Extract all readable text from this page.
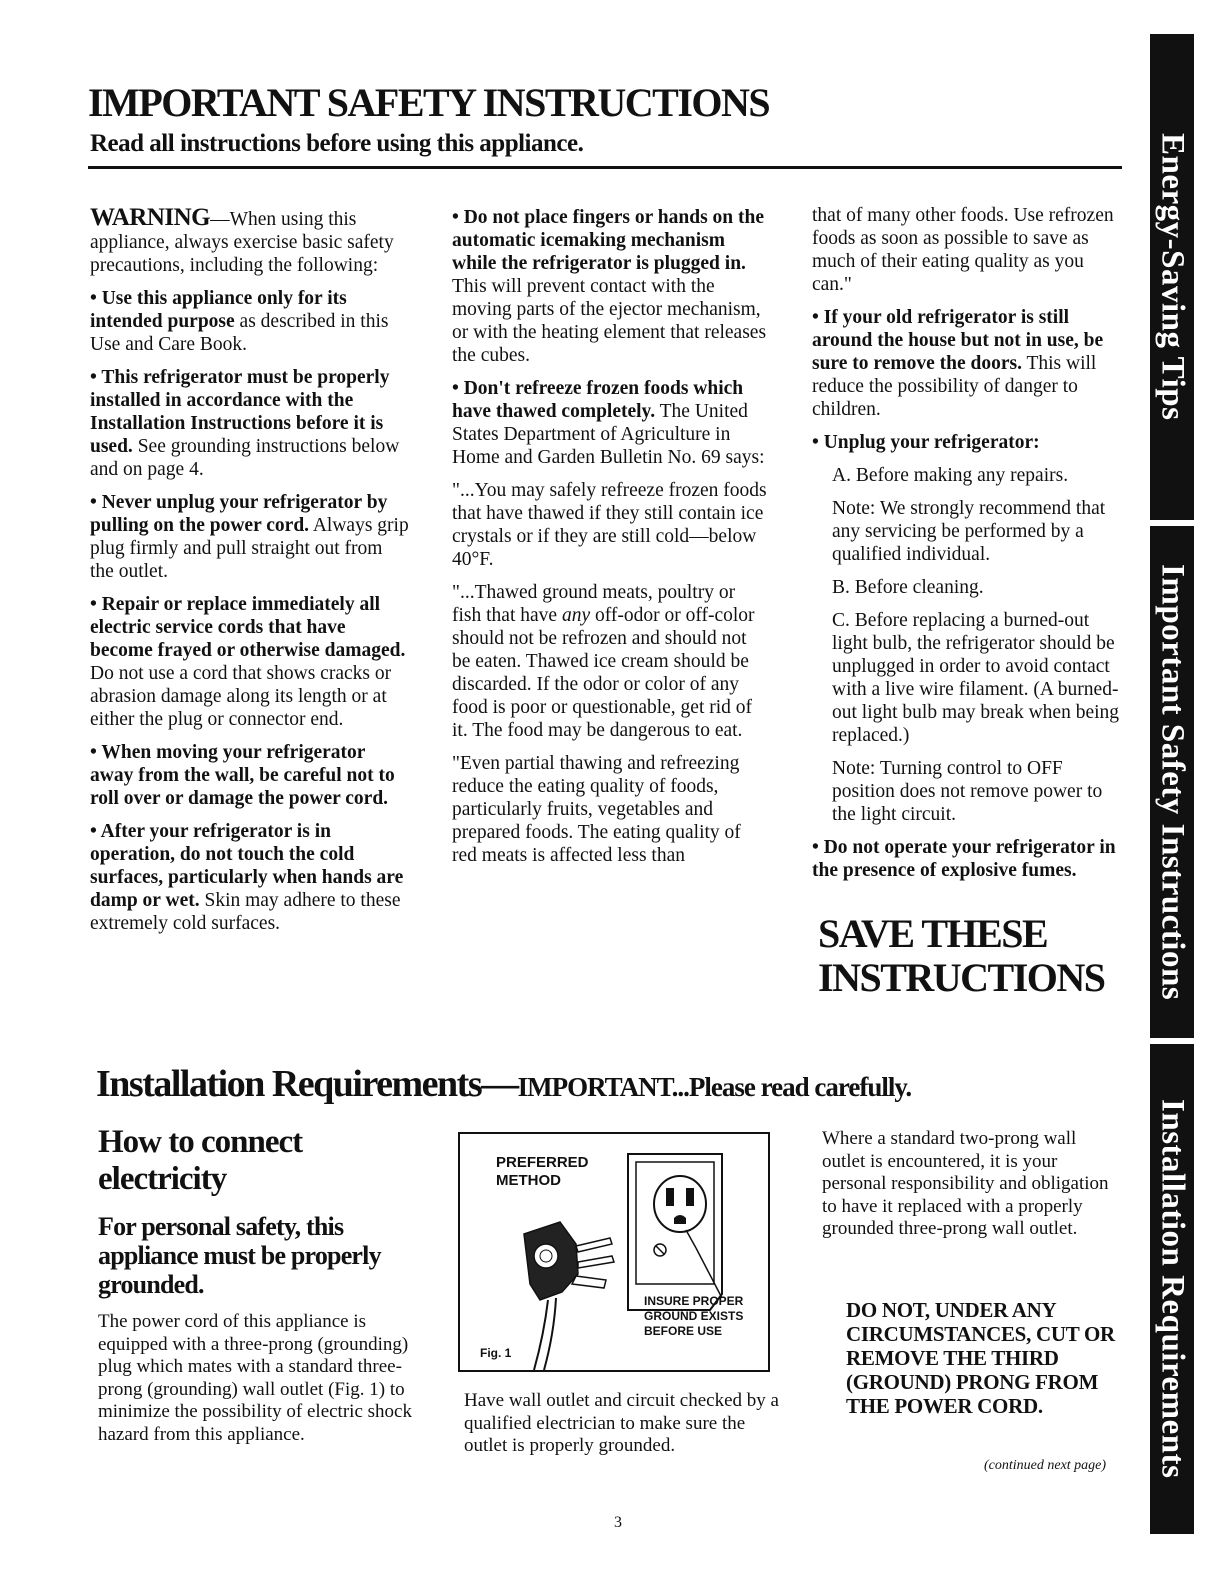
IMPORTANT SAFETY INSTRUCTIONS
Read all instructions before using this appliance.	Energy-Saving Tips
Important Safety Instructions
Installation Requirements

WARNING—When using this appliance, always exercise basic safety precautions, including the following:

• Use this appliance only for its intended purpose as described in this Use and Care Book.

• This refrigerator must be properly installed in accordance with the Installation Instructions before it is used. See grounding instructions below and on page 4.

• Never unplug your refrigerator by pulling on the power cord. Always grip plug firmly and pull straight out from the outlet.

• Repair or replace immediately all electric service cords that have become frayed or otherwise damaged. Do not use a cord that shows cracks or abrasion damage along its length or at either the plug or connector end.

• When moving your refrigerator away from the wall, be careful not to roll over or damage the power cord.

• After your refrigerator is in operation, do not touch the cold surfaces, particularly when hands are damp or wet. Skin may adhere to these extremely cold surfaces.

• Do not place fingers or hands on the automatic icemaking mechanism while the refrigerator is plugged in. This will prevent contact with the moving parts of the ejector mechanism, or with the heating element that releases the cubes.

• Don't refreeze frozen foods which have thawed completely. The United States Department of Agriculture in Home and Garden Bulletin No. 69 says:

"...You may safely refreeze frozen foods that have thawed if they still contain ice crystals or if they are still cold—below 40°F.

"...Thawed ground meats, poultry or fish that have any off-odor or off-color should not be refrozen and should not be eaten. Thawed ice cream should be discarded. If the odor or color of any food is poor or questionable, get rid of it. The food may be dangerous to eat.

"Even partial thawing and refreezing reduce the eating quality of foods, particularly fruits, vegetables and prepared foods. The eating quality of red meats is affected less than

that of many other foods. Use refrozen foods as soon as possible to save as much of their eating quality as you can."

• If your old refrigerator is still around the house but not in use, be sure to remove the doors. This will reduce the possibility of danger to children.

• Unplug your refrigerator:

A. Before making any repairs.

Note: We strongly recommend that any servicing be performed by a qualified individual.

B. Before cleaning.

C. Before replacing a burned-out light bulb, the refrigerator should be unplugged in order to avoid contact with a live wire filament. (A burned-out light bulb may break when being replaced.)

Note: Turning control to OFF position does not remove power to the light circuit.

• Do not operate your refrigerator in the presence of explosive fumes.

SAVE THESE
INSTRUCTIONS
Installation Requirements—IMPORTANT...Please read carefully.
How to connect electricity
For personal safety, this appliance must be properly grounded.
The power cord of this appliance is equipped with a three-prong (grounding) plug which mates with a standard three-prong (grounding) wall outlet (Fig. 1) to minimize the possibility of electric shock hazard from this appliance.
PREFERRED
METHOD
INSURE PROPER
GROUND EXISTS
BEFORE USE
Fig. 1
Have wall outlet and circuit checked by a qualified electrician to make sure the outlet is properly grounded.
Where a standard two-prong wall outlet is encountered, it is your personal responsibility and obligation to have it replaced with a properly grounded three-prong wall outlet.
DO NOT, UNDER ANY CIRCUMSTANCES, CUT OR REMOVE THE THIRD (GROUND) PRONG FROM THE POWER CORD.
(continued next page)
3
